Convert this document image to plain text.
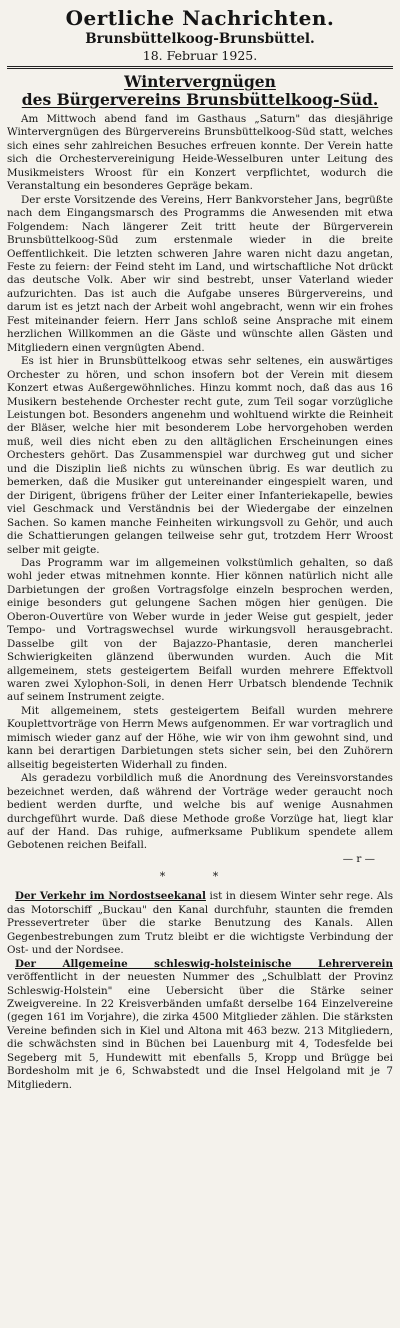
Oertliche Nachrichten.
Brunsbüttelkoog-Brunsbüttel.
18. Februar 1925.
Wintervergnügen
des Bürgervereins Brunsbüttelkoog-Süd.

Am Mittwoch abend fand im Gasthaus „Saturn" das diesjährige Wintervergnügen des Bürgervereins Brunsbüttelkoog-Süd statt, welches sich eines sehr zahlreichen Besuches erfreuen konnte. Der Verein hatte sich die Orchestervereinigung Heide-Wesselburen unter Leitung des Musikmeisters Wroost für ein Konzert verpflichtet, wodurch die Veranstaltung ein besonderes Gepräge bekam.

Der erste Vorsitzende des Vereins, Herr Bankvorsteher Jans, begrüßte nach dem Eingangsmarsch des Programms die Anwesenden mit etwa Folgendem: Nach längerer Zeit tritt heute der Bürgerverein Brunsbüttelkoog-Süd zum erstenmale wieder in die breite Oeffentlichkeit. Die letzten schweren Jahre waren nicht dazu angetan, Feste zu feiern: der Feind steht im Land, und wirtschaftliche Not drückt das deutsche Volk. Aber wir sind bestrebt, unser Vaterland wieder aufzurichten. Das ist auch die Aufgabe unseres Bürgervereins, und darum ist es jetzt nach der Arbeit wohl angebracht, wenn wir ein frohes Fest miteinander feiern. Herr Jans schloß seine Ansprache mit einem herzlichen Willkommen an die Gäste und wünschte allen Gästen und Mitgliedern einen vergnügten Abend.

Es ist hier in Brunsbüttelkoog etwas sehr seltenes, ein auswärtiges Orchester zu hören, und schon insofern bot der Verein mit diesem Konzert etwas Außergewöhnliches. Hinzu kommt noch, daß das aus 16 Musikern bestehende Orchester recht gute, zum Teil sogar vorzügliche Leistungen bot. Besonders angenehm und wohltuend wirkte die Reinheit der Bläser, welche hier mit besonderem Lobe hervorgehoben werden muß, weil dies nicht eben zu den alltäglichen Erscheinungen eines Orchesters gehört. Das Zusammenspiel war durchweg gut und sicher und die Disziplin ließ nichts zu wünschen übrig. Es war deutlich zu bemerken, daß die Musiker gut untereinander eingespielt waren, und der Dirigent, übrigens früher der Leiter einer Infanteriekapelle, bewies viel Geschmack und Verständnis bei der Wiedergabe der einzelnen Sachen. So kamen manche Feinheiten wirkungsvoll zu Gehör, und auch die Schattierungen gelangen teilweise sehr gut, trotzdem Herr Wroost selber mit geigte.

Das Programm war im allgemeinen volkstümlich gehalten, so daß wohl jeder etwas mitnehmen konnte. Hier können natürlich nicht alle Darbietungen der großen Vortragsfolge einzeln besprochen werden, einige besonders gut gelungene Sachen mögen hier genügen. Die Oberon-Ouvertüre von Weber wurde in jeder Weise gut gespielt, jeder Tempo- und Vortragswechsel wurde wirkungsvoll herausgebracht. Dasselbe gilt von der Bajazzo-Phantasie, deren mancherlei Schwierigkeiten glänzend überwunden wurden. Auch die Mit allgemeinem, stets gesteigertem Beifall wurden mehrere Effektvoll waren zwei Xylophon-Soli, in denen Herr Urbatsch blendende Technik auf seinem Instrument zeigte.

Mit allgemeinem, stets gesteigertem Beifall wurden mehrere Kouplettvorträge von Herrn Mews aufgenommen. Er war vortraglich und mimisch wieder ganz auf der Höhe, wie wir von ihm gewohnt sind, und kann bei derartigen Darbietungen stets sicher sein, bei den Zuhörern allseitig begeisterten Widerhall zu finden.

Als geradezu vorbildlich muß die Anordnung des Vereinsvorstandes bezeichnet werden, daß während der Vorträge weder geraucht noch bedient werden durfte, und welche bis auf wenige Ausnahmen durchgeführt wurde. Daß diese Methode große Vorzüge hat, liegt klar auf der Hand. Das ruhige, aufmerksame Publikum spendete allem Gebotenen reichen Beifall.

— r —
* *

Der Verkehr im Nordostseekanal ist in diesem Winter sehr rege. Als das Motorschiff „Buckau" den Kanal durchfuhr, staunten die fremden Pressevertreter über die starke Benutzung des Kanals. Allen Gegenbestrebungen zum Trutz bleibt er die wichtigste Verbindung der Ost- und der Nordsee.

Der Allgemeine schleswig-holsteinische Lehrerverein veröffentlicht in der neuesten Nummer des „Schulblatt der Provinz Schleswig-Holstein" eine Uebersicht über die Stärke seiner Zweigvereine. In 22 Kreisverbänden umfaßt derselbe 164 Einzelvereine (gegen 161 im Vorjahre), die zirka 4500 Mitglieder zählen. Die stärksten Vereine befinden sich in Kiel und Altona mit 463 bezw. 213 Mitgliedern, die schwächsten sind in Büchen bei Lauenburg mit 4, Todesfelde bei Segeberg mit 5, Hundewitt mit ebenfalls 5, Kropp und Brügge bei Bordesholm mit je 6, Schwabstedt und die Insel Helgoland mit je 7 Mitgliedern.
